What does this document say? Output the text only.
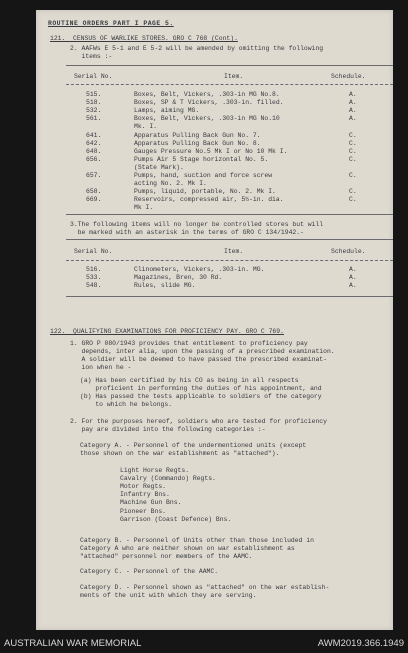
ROUTINE ORDERS PART I PAGE 5.
121.  CENSUS OF WARLIKE STORES. GRO C 768 (Cont).
2. AAFWs E 5-1 and E 5-2 will be amended by omitting the following
items :-
Serial No.	Item.	Schedule.
515.	Boxes, Belt, Vickers, .303-in MG No.8.	A.
518.	Boxes, SP & T Vickers, .303-in. filled.	A.
532.	Lamps, aiming MG.	A.
561.	Boxes, Belt, Vickers, .303-in MG No.10	A.
Mk. I.
641.	Apparatus Pulling Back Gun No. 7.	C.
642.	Apparatus Pulling Back Gun No. 8.	C.
648.	Gauges Pressure No.5 Mk I or No 10 Mk I.	C.
656.	Pumps Air 5 Stage horizontal No. 5.	C.
(State Mark).
657.	Pumps, hand, suction and force screw	C.
acting No. 2. Mk I.
658.	Pumps, liquid, portable, No. 2. Mk I.	C.
669.	Reservoirs, compressed air, 5½-in. dia.	C.
Mk I.
3.The following items will no longer be controlled stores but will
be marked with an asterisk in the terms of GRO C 134/1942.-
Serial No.	Item.	Schedule.
516.	Clinometers, Vickers, .303-in. MG.	A.
533.	Magazines, Bren, 30 Rd.	A.
548.	Rules, slide MG.	A.
122.  QUALIFYING EXAMINATIONS FOR PROFICIENCY PAY. GRO C 769.
1. GRO P 080/1943 provides that entitlement to proficiency pay
depends, inter alia, upon the passing of a prescribed examination.
A soldier will be deemed to have passed the prescribed examinat-
ion when he -
(a) Has been certified by his CO as being in all respects
proficient in performing the duties of his appointment, and
(b) Has passed the tests applicable to soldiers of the category
to which he belongs.
2. For the purposes hereof, soldiers who are tested for proficiency
pay are divided into the following categories :-
Category A. - Personnel of the undermentioned units (except
those shown on the war establishment as "attached").
Light Horse Regts.
Cavalry (Commando) Regts.
Motor Regts.
Infantry Bns.
Machine Gun Bns.
Pioneer Bns.
Garrison (Coast Defence) Bns.
Category B. - Personnel of Units other than those included in
Category A who are neither shown on war establishment as
"attached" personnel nor members of the AAMC.
Category C. - Personnel of the AAMC.
Category D. - Personnel shown as "attached" on the war establish-
ments of the unit with which they are serving.
AUSTRALIAN WAR MEMORIAL	AWM2019.366.1949
